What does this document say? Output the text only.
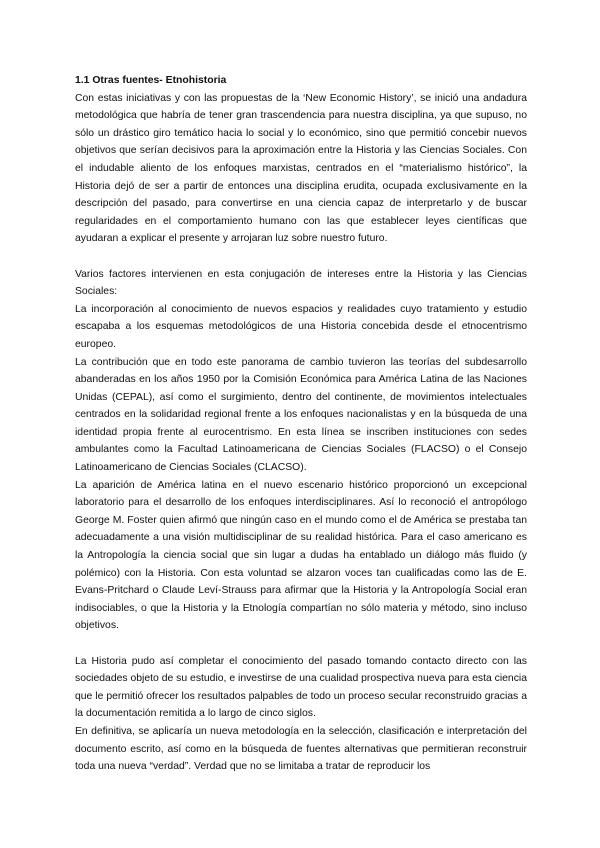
1.1 Otras fuentes- Etnohistoria

Con estas iniciativas y con las propuestas de la ‘New Economic History’, se inició una andadura metodológica que habría de tener gran trascendencia para nuestra disciplina, ya que supuso, no sólo un drástico giro temático hacia lo social y lo económico, sino que permitió concebir nuevos objetivos que serían decisivos para la aproximación entre la Historia y las Ciencias Sociales. Con el indudable aliento de los enfoques marxistas, centrados en el “materialismo histórico”, la Historia dejó de ser a partir de entonces una disciplina erudita, ocupada exclusivamente en la descripción del pasado, para convertirse en una ciencia capaz de interpretarlo y de buscar regularidades en el comportamiento humano con las que establecer leyes científicas que ayudaran a explicar el presente y arrojaran luz sobre nuestro futuro.

Varios factores intervienen en esta conjugación de intereses entre la Historia y las Ciencias Sociales:

La incorporación al conocimiento de nuevos espacios y realidades cuyo tratamiento y estudio escapaba a los esquemas metodológicos de una Historia concebida desde el etnocentrismo europeo.

La contribución que en todo este panorama de cambio tuvieron las teorías del subdesarrollo abanderadas en los años 1950 por la Comisión Económica para América Latina de las Naciones Unidas (CEPAL), así como el surgimiento, dentro del continente, de movimientos intelectuales centrados en la solidaridad regional frente a los enfoques nacionalistas y en la búsqueda de una identidad propia frente al eurocentrismo. En esta línea se inscriben instituciones con sedes ambulantes como la Facultad Latinoamericana de Ciencias Sociales (FLACSO) o el Consejo Latinoamericano de Ciencias Sociales (CLACSO).

La aparición de América latina en el nuevo escenario histórico proporcionó un excepcional laboratorio para el desarrollo de los enfoques interdisciplinares. Así lo reconoció el antropólogo George M. Foster quien afirmó que ningún caso en el mundo como el de América se prestaba tan adecuadamente a una visión multidisciplinar de su realidad histórica. Para el caso americano es la Antropología la ciencia social que sin lugar a dudas ha entablado un diálogo más fluido (y polémico) con la Historia. Con esta voluntad se alzaron voces tan cualificadas como las de E. Evans-Pritchard o Claude Leví-Strauss para afirmar que la Historia y la Antropología Social eran indisociables, o que la Historia y la Etnología compartían no sólo materia y método, sino incluso objetivos.

La Historia pudo así completar el conocimiento del pasado tomando contacto directo con las sociedades objeto de su estudio, e investirse de una cualidad prospectiva nueva para esta ciencia que le permitió ofrecer los resultados palpables de todo un proceso secular reconstruido gracias a la documentación remitida a lo largo de cinco siglos.

En definitiva, se aplicaría un nueva metodología en la selección, clasificación e interpretación del documento escrito, así como en la búsqueda de fuentes alternativas que permitieran reconstruir toda una nueva “verdad”. Verdad que no se limitaba a tratar de reproducir los
